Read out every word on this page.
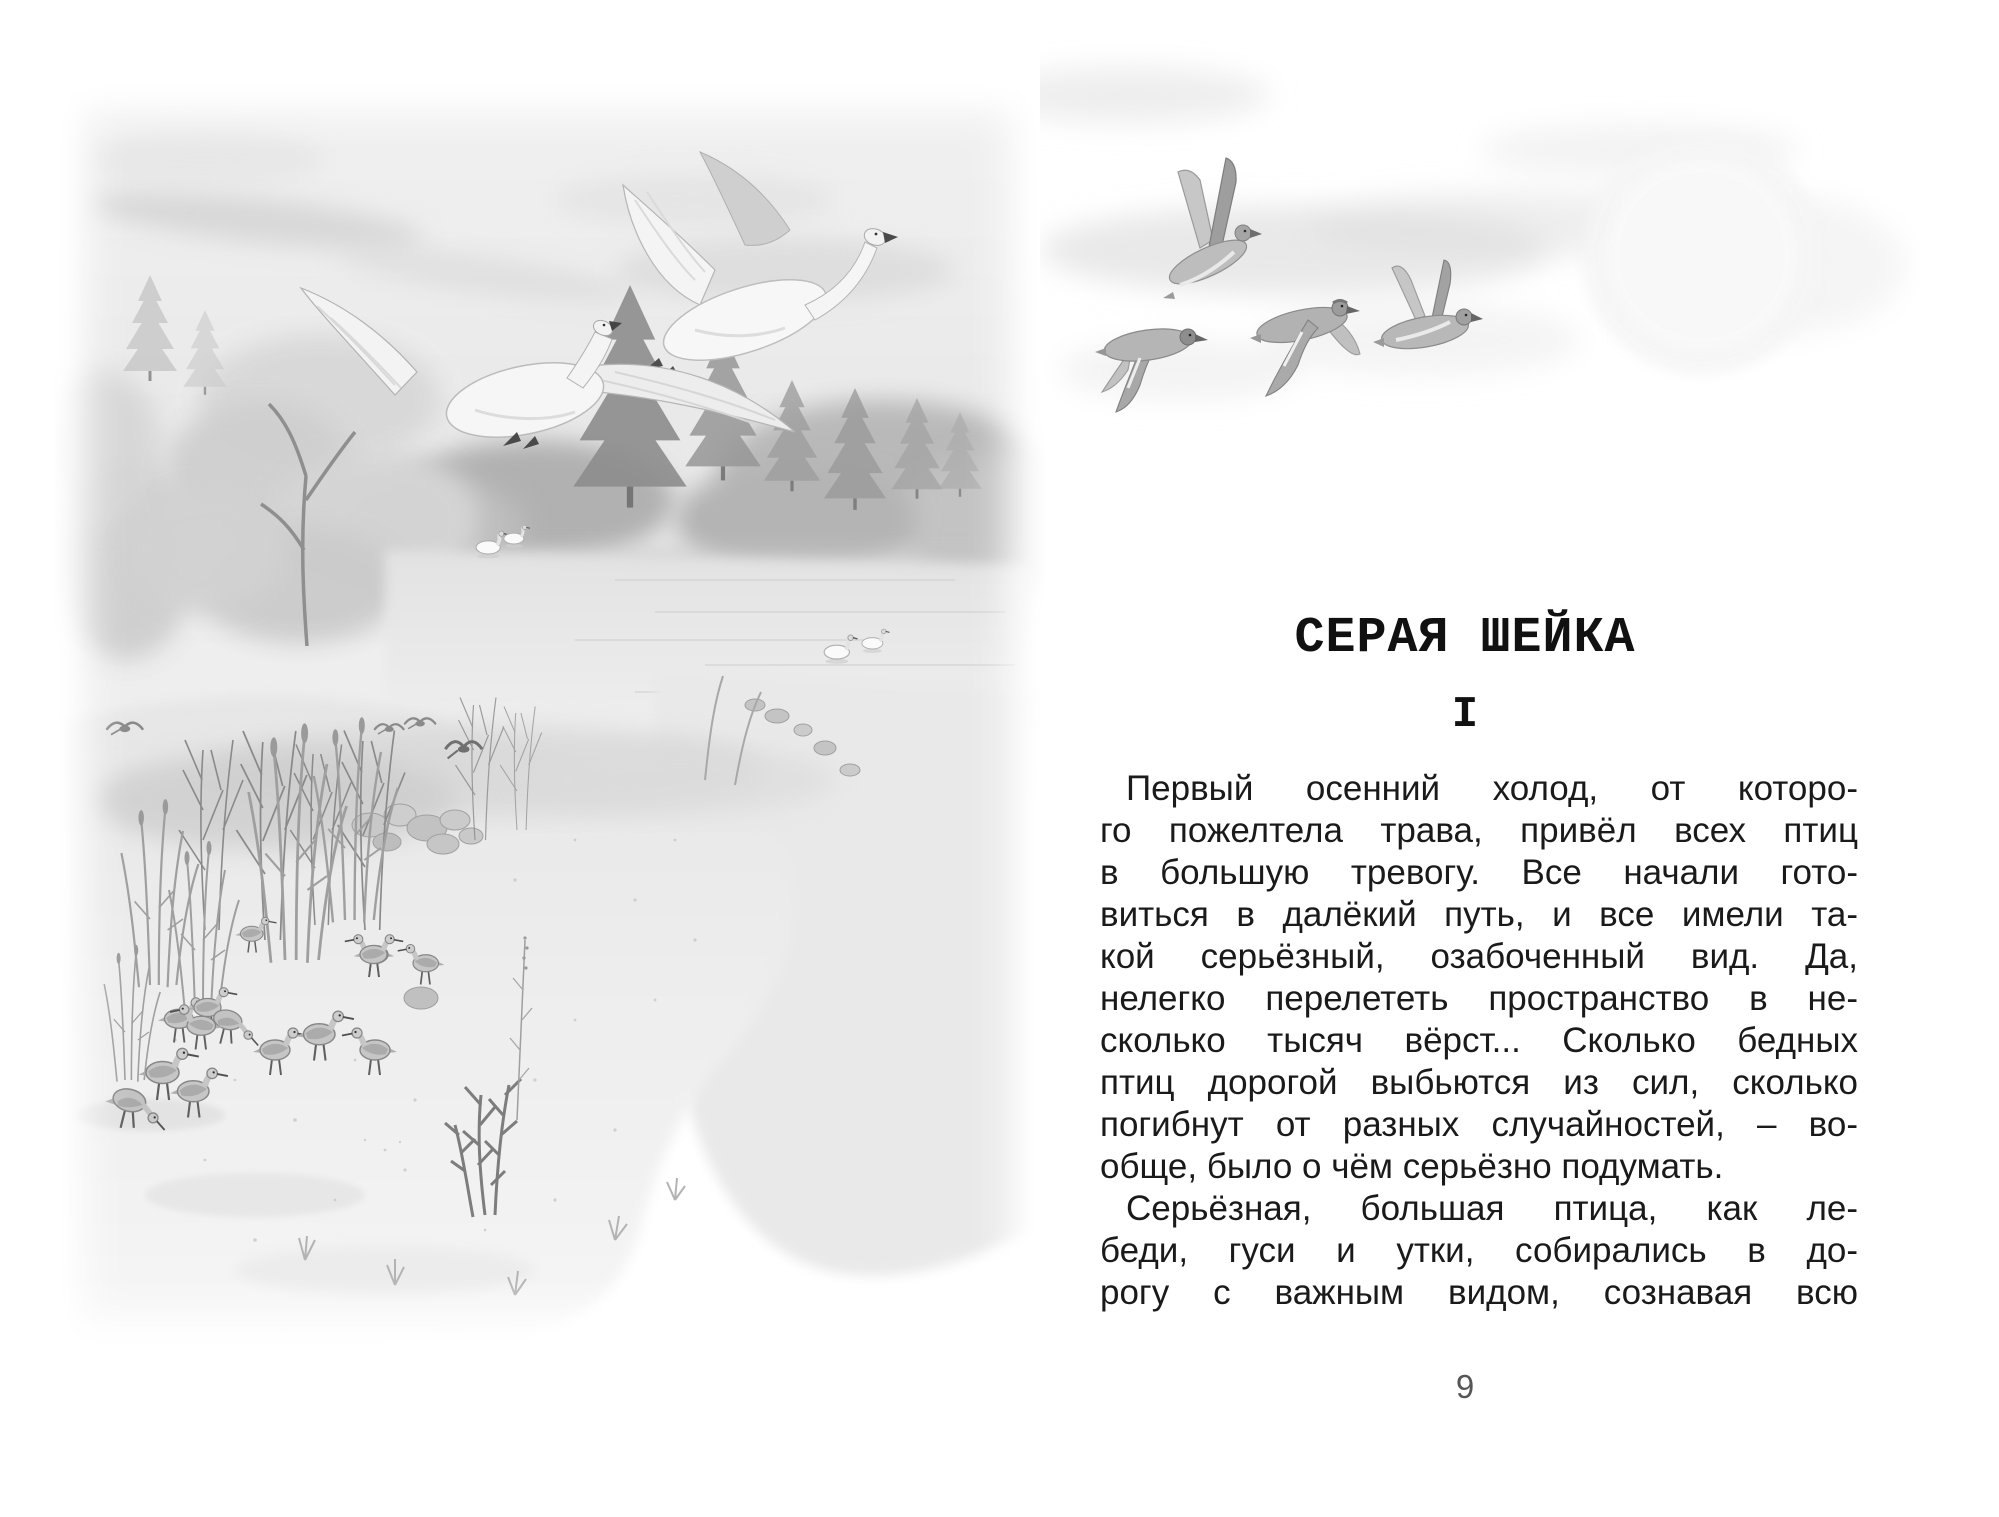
СЕРАЯ ШЕЙКА
I
Первый осенний холод, от которо-
го пожелтела трава, привёл всех птиц
в большую тревогу. Все начали гото-
виться в далёкий путь, и все имели та-
кой серьёзный, озабоченный вид. Да,
нелегко перелететь пространство в не-
сколько тысяч вёрст... Сколько бедных
птиц дорогой выбьются из сил, сколько
погибнут от разных случайностей, – во-
обще, было о чём серьёзно подумать.
Серьёзная, большая птица, как ле-
беди, гуси и утки, собирались в до-
рогу с важным видом, сознавая всю
9
